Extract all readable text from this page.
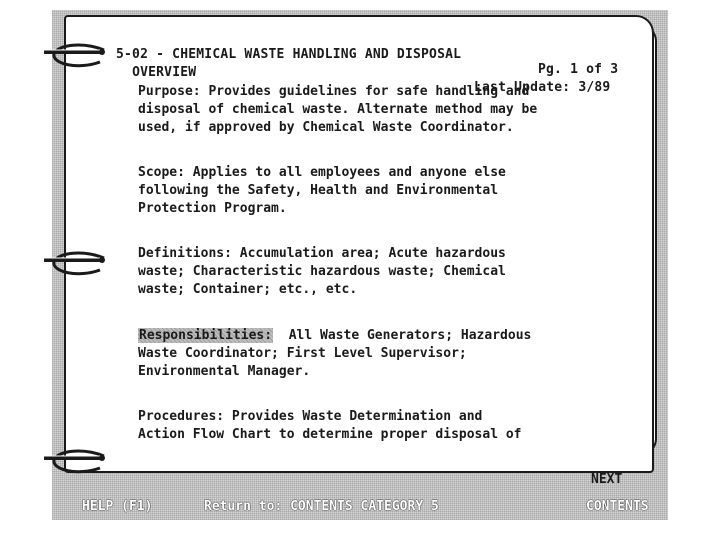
5-02 - CHEMICAL WASTE HANDLING AND DISPOSAL

Pg. 1 of 3

OVERVIEW

Last Update: 3/89

Purpose: Provides guidelines for safe handling and
disposal of chemical waste. Alternate method may be
used, if approved by Chemical Waste Coordinator.
Scope: Applies to all employees and anyone else
following the Safety, Health and Environmental
Protection Program.
Definitions: Accumulation area; Acute hazardous
waste; Characteristic hazardous waste; Chemical
waste; Container; etc., etc.
Responsibilities:  All Waste Generators; Hazardous
Waste Coordinator; First Level Supervisor;
Environmental Manager.
Procedures: Provides Waste Determination and
Action Flow Chart to determine proper disposal of
NEXT
HELP (F1)	Return to: CONTENTS CATEGORY 5	CONTENTS
